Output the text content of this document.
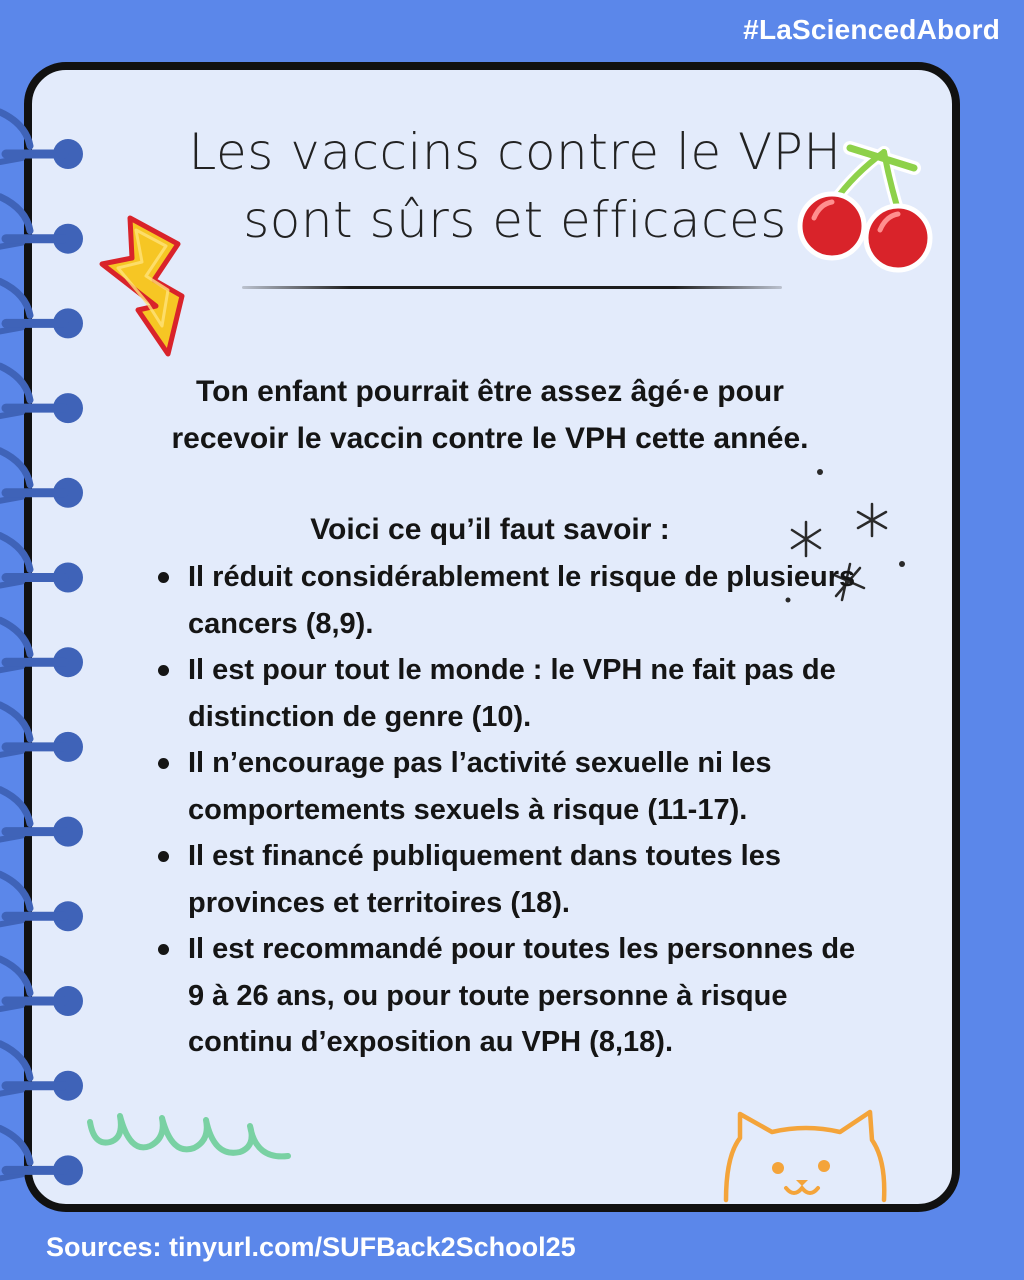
#LaSciencedAbord
Les vaccins contre le VPH
sont sûrs et efficaces

Ton enfant pourrait être assez âgé·e pour

recevoir le vaccin contre le VPH cette année.

Voici ce qu’il faut savoir :
Il réduit considérablement le risque de plusieurs cancers (8,9).
Il est pour tout le monde : le VPH ne fait pas de distinction de genre (10).
Il n’encourage pas l’activité sexuelle ni les comportements sexuels à risque (11-17).
Il est financé publiquement dans toutes les provinces et territoires (18).
Il est recommandé pour toutes les personnes de 9 à 26 ans, ou pour toute personne à risque continu d’exposition au VPH (8,18).
Sources: tinyurl.com/SUFBack2School25
